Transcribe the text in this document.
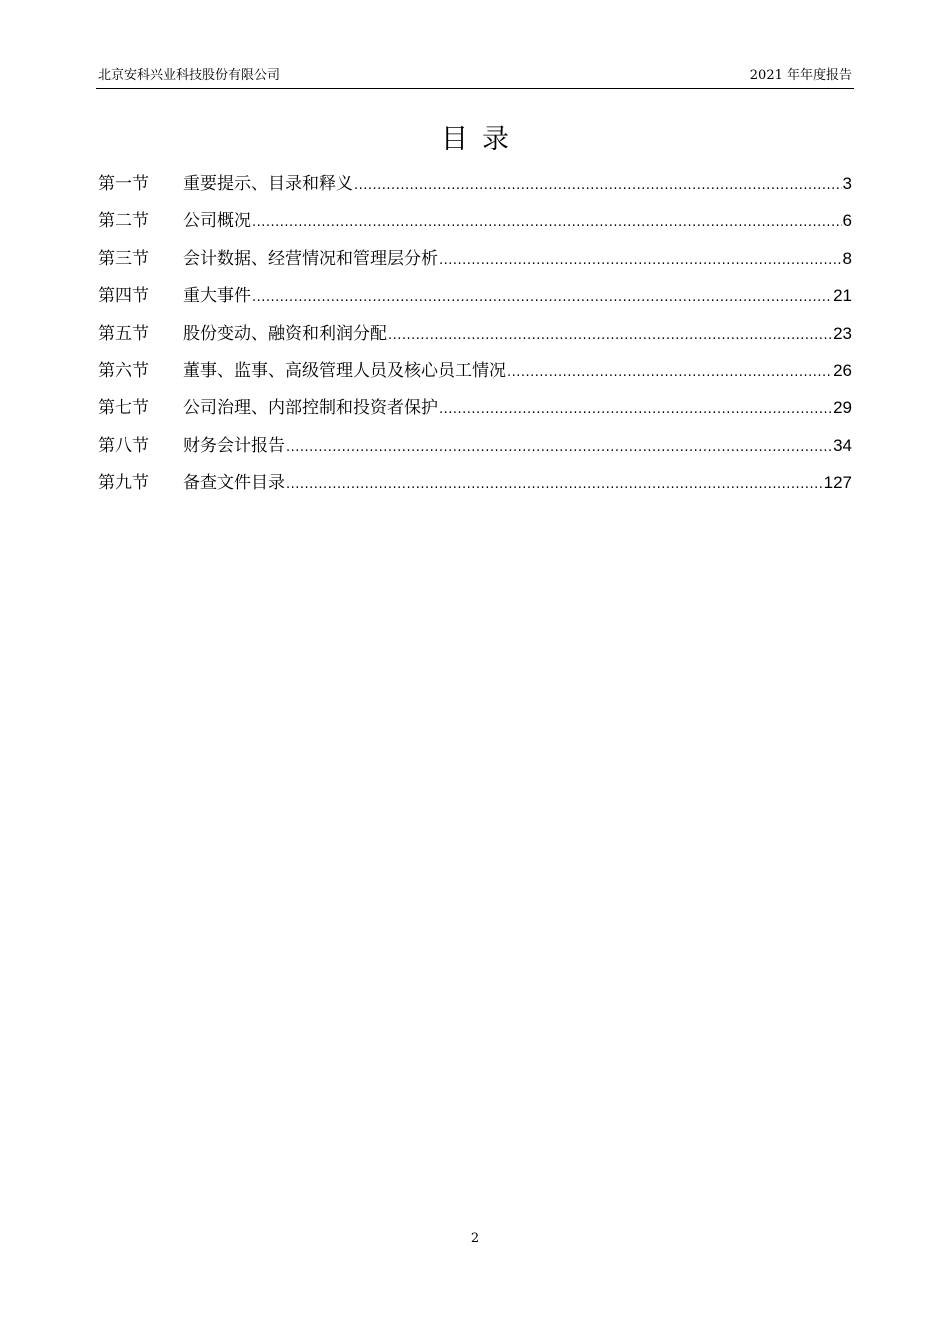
北京安科兴业科技股份有限公司	2021 年年度报告
目录
第一节	重要提示、目录和释义 .....	3
第二节	公司概况 .....	6
第三节	会计数据、经营情况和管理层分析 .....	8
第四节	重大事件 .....	21
第五节	股份变动、融资和利润分配 .....	23
第六节	董事、监事、高级管理人员及核心员工情况 .....	26
第七节	公司治理、内部控制和投资者保护 .....	29
第八节	财务会计报告 .....	34
第九节	备查文件目录 .....	127
2
